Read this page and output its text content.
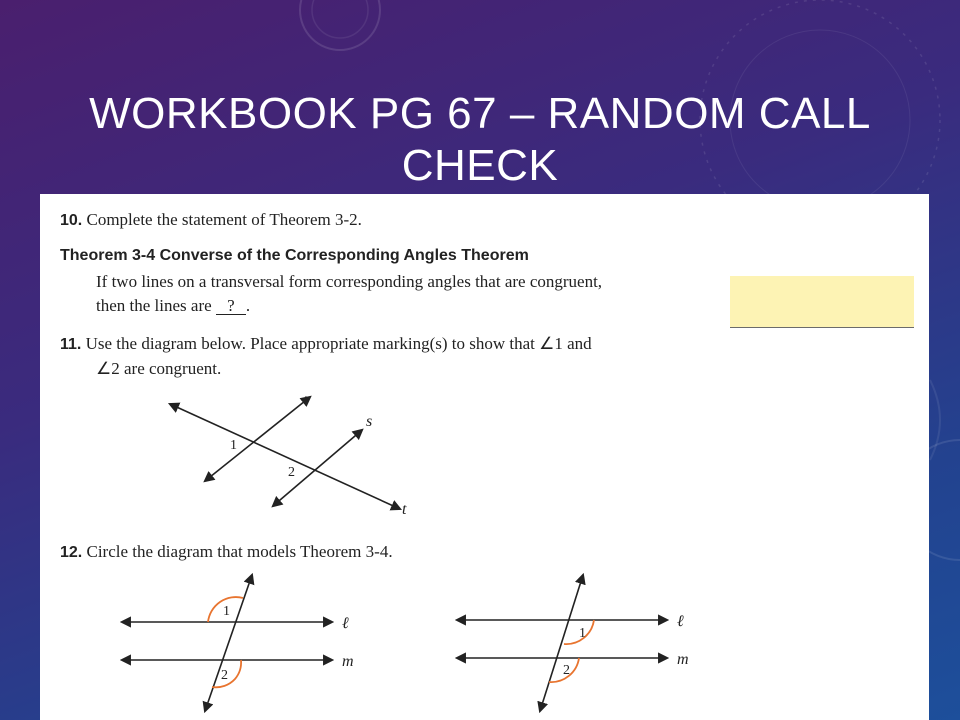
WORKBOOK PG 67 – RANDOM CALL
CHECK
10. Complete the statement of Theorem 3-2.
Theorem 3-4 Converse of the Corresponding Angles Theorem
If two lines on a transversal form corresponding angles that are congruent,
then the lines are ? .
11. Use the diagram below. Place appropriate marking(s) to show that ∠1 and
∠2 are congruent.
r
s
t
1
2
12. Circle the diagram that models Theorem 3-4.
1
2
ℓ
m
1
2
ℓ
m
